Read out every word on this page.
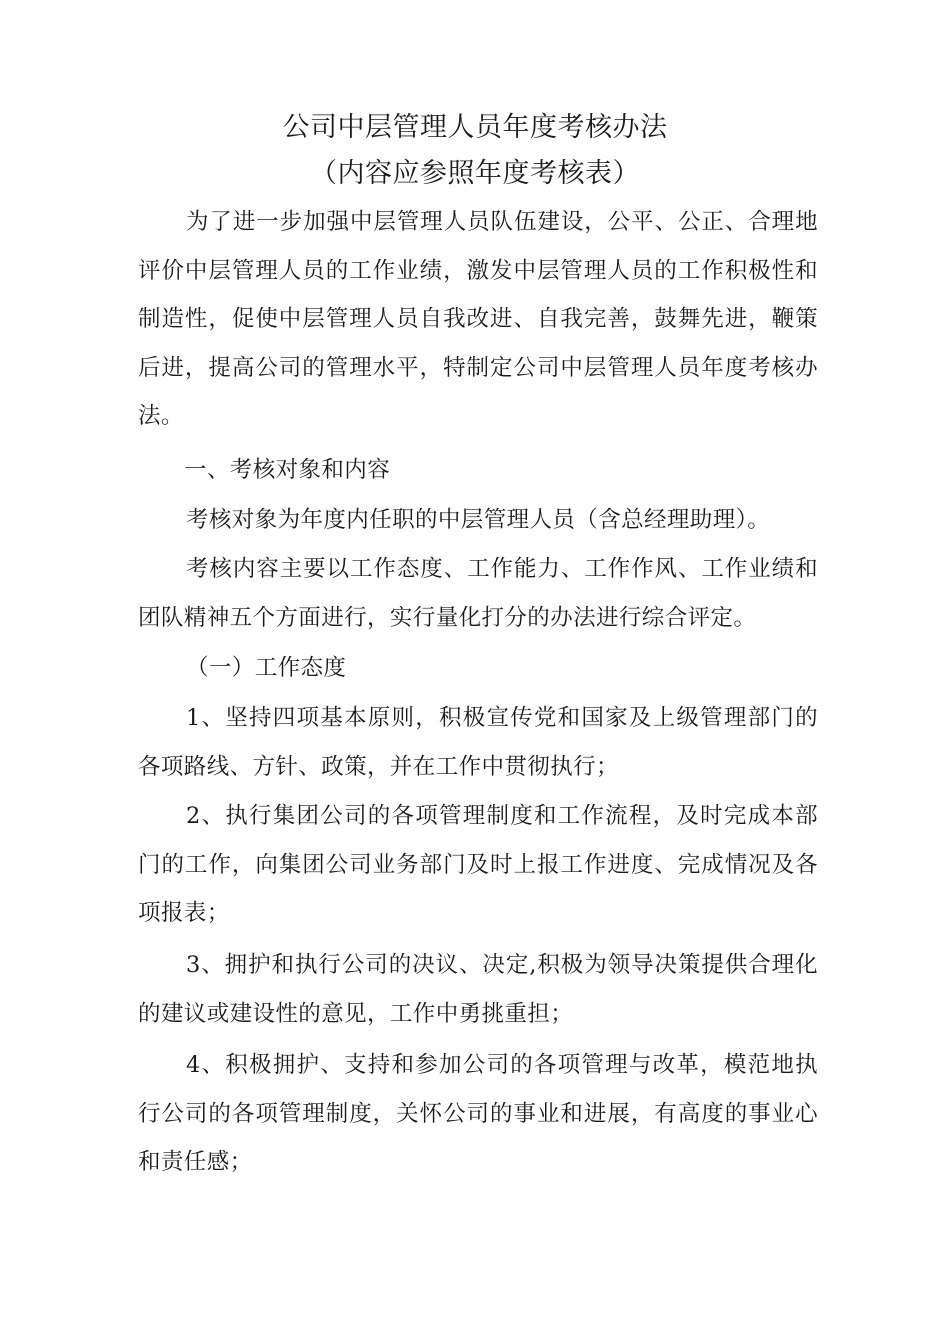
公司中层管理人员年度考核办法
（内容应参照年度考核表）
为了进一步加强中层管理人员队伍建设，公平、公正、合理地评价中层管理人员的工作业绩，激发中层管理人员的工作积极性和制造性，促使中层管理人员自我改进、自我完善，鼓舞先进，鞭策后进，提高公司的管理水平，特制定公司中层管理人员年度考核办法。
一、考核对象和内容
考核对象为年度内任职的中层管理人员（含总经理助理）。
考核内容主要以工作态度、工作能力、工作作风、工作业绩和团队精神五个方面进行，实行量化打分的办法进行综合评定。
（一）工作态度
1、坚持四项基本原则，积极宣传党和国家及上级管理部门的各项路线、方针、政策，并在工作中贯彻执行；
2、执行集团公司的各项管理制度和工作流程，及时完成本部门的工作，向集团公司业务部门及时上报工作进度、完成情况及各项报表；
3、拥护和执行公司的决议、决定,积极为领导决策提供合理化的建议或建设性的意见，工作中勇挑重担；
4、积极拥护、支持和参加公司的各项管理与改革，模范地执行公司的各项管理制度，关怀公司的事业和进展，有高度的事业心和责任感；
